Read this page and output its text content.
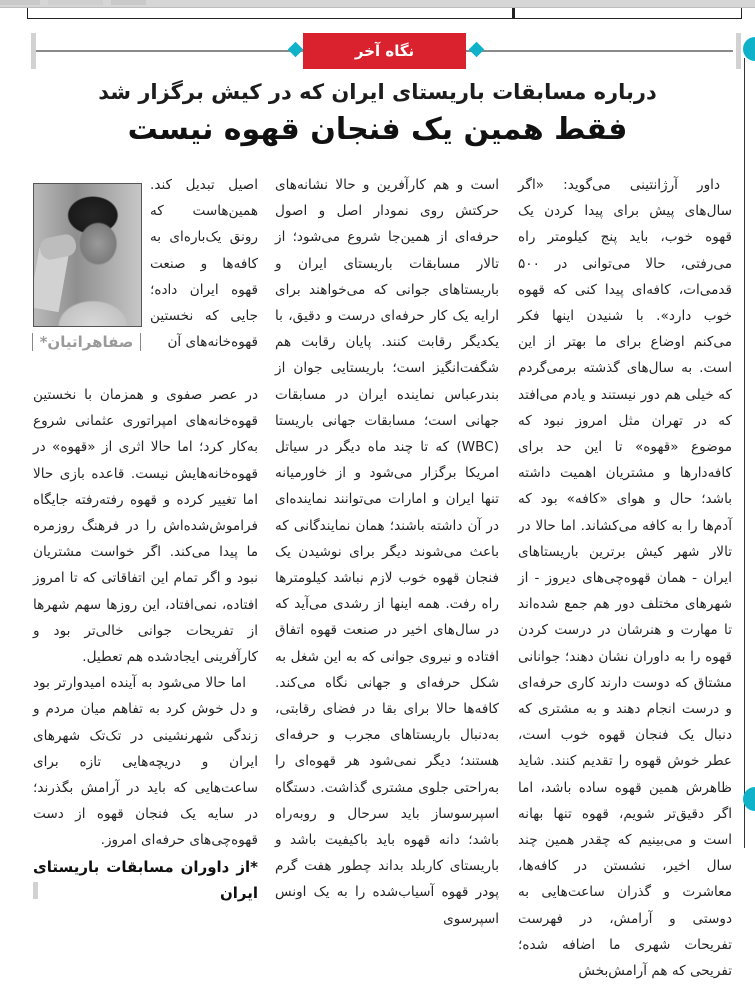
نگاه آخر
درباره مسابقات باریستای ایران که در کیش برگزار شد
فقط همین یک فنجان قهوه نیست

داور آرژانتینی می‌گوید: «اگر سال‌های پیش برای پیدا کردن یک قهوه خوب، باید پنج کیلومتر راه می‌رفتی، حالا می‌توانی در ۵۰۰ قدمی‌ات، کافه‌ای پیدا کنی که قهوه خوب دارد». با شنیدن اینها فکر می‌کنم اوضاع برای ما بهتر از این است. به سال‌های گذشته برمی‌گردم که خیلی هم دور نیستند و یادم می‌افتد که در تهران مثل امروز نبود که موضوع «قهوه» تا این حد برای کافه‌دارها و مشتریان اهمیت داشته باشد؛ حال و هوای «کافه» بود که آدم‌ها را به کافه می‌کشاند. اما حالا در تالار شهر کیش برترین باریستاهای ایران - همان قهوه‌چی‌های دیروز - از شهرهای مختلف دور هم جمع شده‌اند تا مهارت و هنرشان در درست کردن قهوه را به داوران نشان دهند؛ جوانانی مشتاق که دوست دارند کاری حرفه‌ای و درست انجام دهند و به مشتری که دنبال یک فنجان قهوه خوب است، عطر خوش قهوه را تقدیم کنند. شاید ظاهرش همین قهوه ساده باشد، اما اگر دقیق‌تر شویم، قهوه تنها بهانه است و می‌بینیم که چقدر همین چند سال اخیر، نشستن در کافه‌ها، معاشرت و گذران ساعت‌هایی به دوستی و آرامش، در فهرست تفریحات شهری ما اضافه شده؛ تفریحی که هم آرامش‌بخش

است و هم کارآفرین و حالا نشانه‌های حرکتش روی نمودار اصل و اصول حرفه‌ای از همین‌جا شروع می‌شود؛ از تالار مسابقات باریستای ایران و باریستاهای جوانی که می‌خواهند برای ارایه یک کار حرفه‌ای درست و دقیق، با یکدیگر رقابت کنند. پایان رقابت هم شگفت‌انگیز است؛ باریستایی جوان از بندرعباس نماینده ایران در مسابقات جهانی است؛ مسابقات جهانی باریستا (WBC) که تا چند ماه دیگر در سیاتل امریکا برگزار می‌شود و از خاورمیانه تنها ایران و امارات می‌توانند نماینده‌ای در آن داشته باشند؛ همان نمایندگانی که باعث می‌شوند دیگر برای نوشیدن یک فنجان قهوه خوب لازم نباشد کیلومترها راه رفت. همه اینها از رشدی می‌آید که در سال‌های اخیر در صنعت قهوه اتفاق افتاده و نیروی جوانی که به این شغل به شکل حرفه‌ای و جهانی نگاه می‌کند. کافه‌ها حالا برای بقا در فضای رقابتی، به‌دنبال باریستاهای مجرب و حرفه‌ای هستند؛ دیگر نمی‌شود هر قهوه‌ای را به‌راحتی جلوی مشتری گذاشت. دستگاه اسپرسوساز باید سرحال و روبه‌راه باشد؛ دانه قهوه باید باکیفیت باشد و باریستای کاربلد بداند چطور هفت گرم پودر قهوه آسیاب‌شده را به یک اونس اسپرسوی

صفاهراتیان*
اصیل تبدیل کند. همین‌هاست که رونق یک‌باره‌ای به کافه‌ها و صنعت قهوه ایران داده؛ جایی که نخستین قهوه‌خانه‌های آن

در عصر صفوی و همزمان با نخستین قهوه‌خانه‌های امپراتوری عثمانی شروع به‌کار کرد؛ اما حالا اثری از «قهوه» در قهوه‌خانه‌هایش نیست. قاعده بازی حالا اما تغییر کرده و قهوه رفته‌رفته جایگاه فراموش‌شده‌اش را در فرهنگ روزمره ما پیدا می‌کند. اگر خواست مشتریان نبود و اگر تمام این اتفاقاتی که تا امروز افتاده، نمی‌افتاد، این روزها سهم شهرها از تفریحات جوانی خالی‌تر بود و کارآفرینی ایجادشده هم تعطیل.

اما حالا می‌شود به آینده امیدوارتر بود و دل خوش کرد به تفاهم میان مردم و زندگی شهرنشینی در تک‌تک شهرهای ایران و دریچه‌هایی تازه برای ساعت‌هایی که باید در آرامش بگذرند؛ در سایه یک فنجان قهوه از دست قهوه‌چی‌های حرفه‌ای امروز.

*از داوران مسابقات باریستای ایران
